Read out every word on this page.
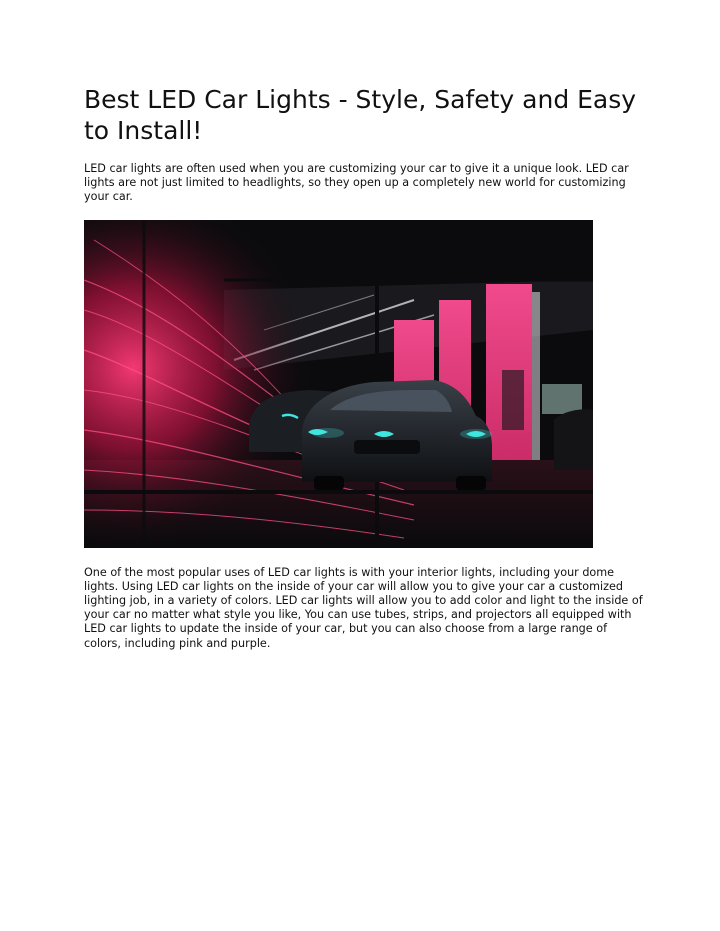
Best LED Car Lights - Style, Safety and Easy to Install!

LED car lights are often used when you are customizing your car to give it a unique look. LED car lights are not just limited to headlights, so they open up a completely new world for customizing your car.

One of the most popular uses of LED car lights is with your interior lights, including your dome lights. Using LED car lights on the inside of your car will allow you to give your car a customized lighting job, in a variety of colors. LED car lights will allow you to add color and light to the inside of your car no matter what style you like, You can use tubes, strips, and projectors all equipped with LED car lights to update the inside of your car, but you can also choose from a large range of colors, including pink and purple.
